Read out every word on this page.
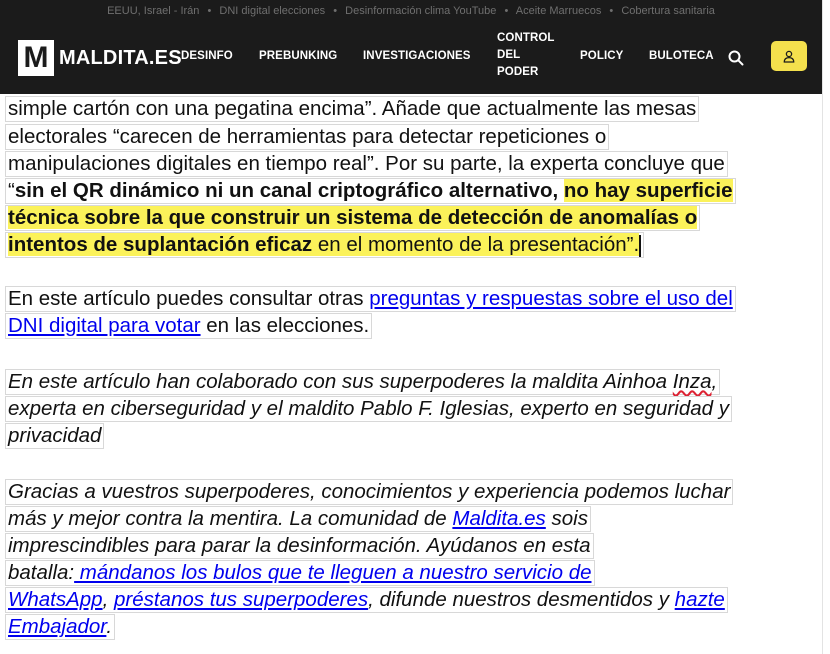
EEUU, Israel - Irán • DNI digital elecciones • Desinformación clima YouTube • Aceite Marruecos • Cobertura sanitaria
M MALDITA.ES DESINFO PREBUNKING INVESTIGACIONES
CONTROL
DEL
PODER
POLICY BULOTECA
simple cartón con una pegatina encima”. Añade que actualmente las mesas
electorales “carecen de herramientas para detectar repeticiones o
manipulaciones digitales en tiempo real”. Por su parte, la experta concluye que
“sin el QR dinámico ni un canal criptográfico alternativo, no hay superficie
técnica sobre la que construir un sistema de detección de anomalías o
intentos de suplantación eficaz en el momento de la presentación”.
En este artículo puedes consultar otras preguntas y respuestas sobre el uso del
DNI digital para votar en las elecciones.
En este artículo han colaborado con sus superpoderes la maldita Ainhoa Inza,
experta en ciberseguridad y el maldito Pablo F. Iglesias, experto en seguridad y
privacidad
Gracias a vuestros superpoderes, conocimientos y experiencia podemos luchar
más y mejor contra la mentira. La comunidad de Maldita.es sois
imprescindibles para parar la desinformación. Ayúdanos en esta
batalla: mándanos los bulos que te lleguen a nuestro servicio de
WhatsApp, préstanos tus superpoderes, difunde nuestros desmentidos y hazte
Embajador.
